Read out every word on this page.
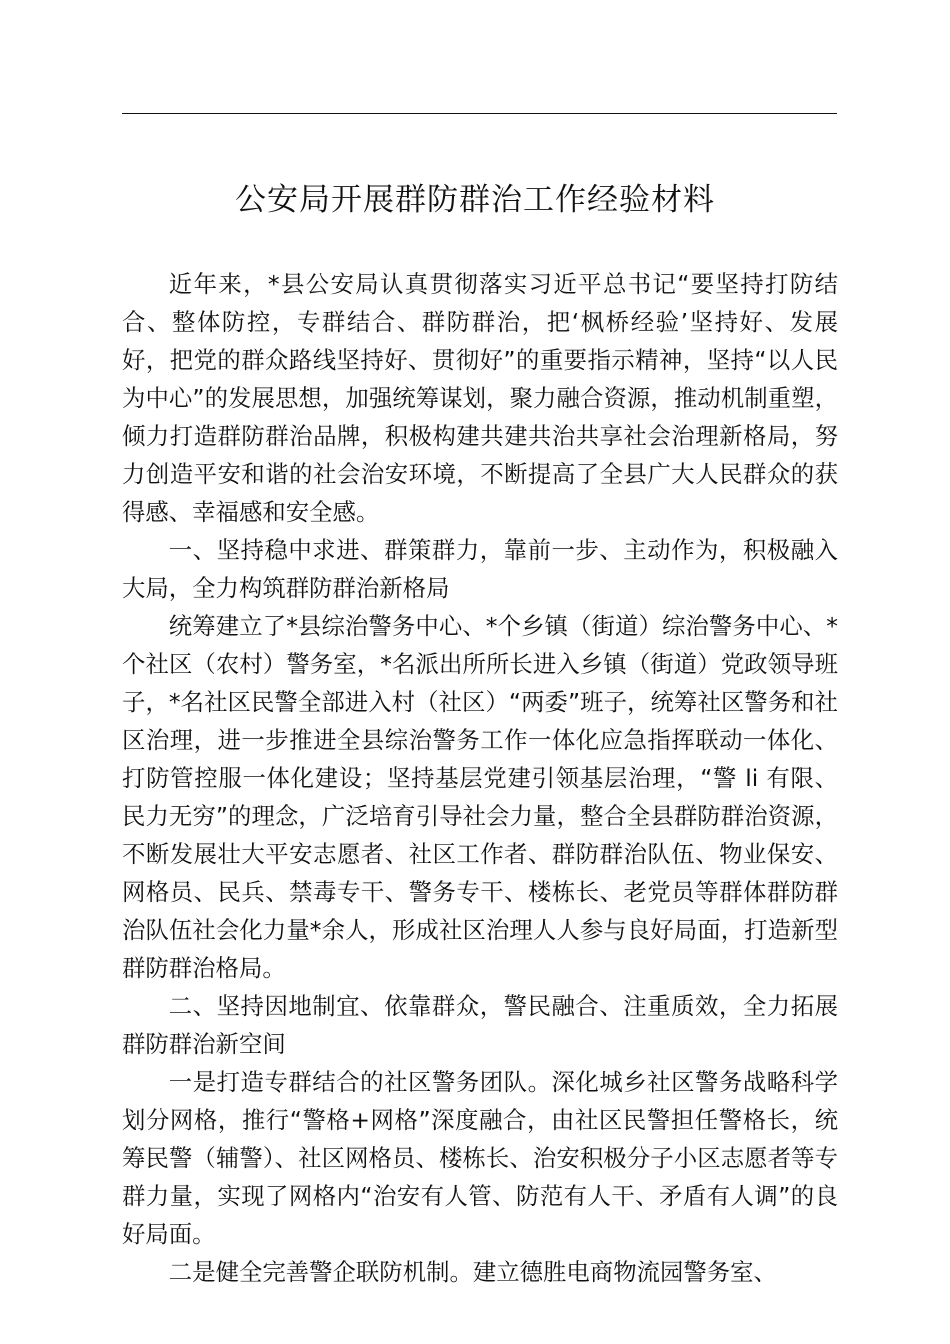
公安局开展群防群治工作经验材料

近年来，*县公安局认真贯彻落实习近平总书记“要坚持打防结合、整体防控，专群结合、群防群治，把‘枫桥经验’坚持好、发展好，把党的群众路线坚持好、贯彻好”的重要指示精神，坚持“以人民为中心”的发展思想，加强统筹谋划，聚力融合资源，推动机制重塑，倾力打造群防群治品牌，积极构建共建共治共享社会治理新格局，努力创造平安和谐的社会治安环境，不断提高了全县广大人民群众的获得感、幸福感和安全感。

一、坚持稳中求进、群策群力，靠前一步、主动作为，积极融入大局，全力构筑群防群治新格局

统筹建立了*县综治警务中心、*个乡镇（街道）综治警务中心、*个社区（农村）警务室，*名派出所所长进入乡镇（街道）党政领导班子，*名社区民警全部进入村（社区）“两委”班子，统筹社区警务和社区治理，进一步推进全县综治警务工作一体化应急指挥联动一体化、打防管控服一体化建设；坚持基层党建引领基层治理，“警 li 有限、民力无穷”的理念，广泛培育引导社会力量，整合全县群防群治资源，不断发展壮大平安志愿者、社区工作者、群防群治队伍、物业保安、网格员、民兵、禁毒专干、警务专干、楼栋长、老党员等群体群防群治队伍社会化力量*余人，形成社区治理人人参与良好局面，打造新型群防群治格局。

二、坚持因地制宜、依靠群众，警民融合、注重质效，全力拓展群防群治新空间

一是打造专群结合的社区警务团队。深化城乡社区警务战略科学划分网格，推行“警格+网格”深度融合，由社区民警担任警格长，统筹民警（辅警）、社区网格员、楼栋长、治安积极分子小区志愿者等专群力量，实现了网格内“治安有人管、防范有人干、矛盾有人调”的良好局面。

二是健全完善警企联防机制。建立德胜电商物流园警务室、
